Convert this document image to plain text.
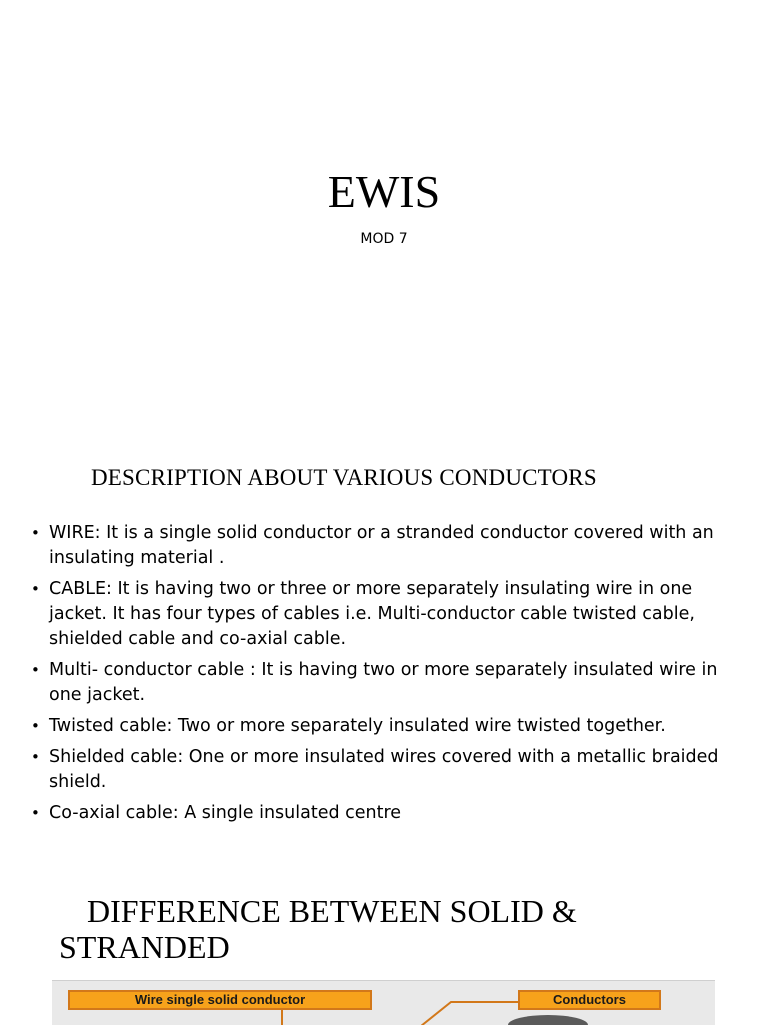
EWIS
MOD 7
DESCRIPTION ABOUT VARIOUS CONDUCTORS
• WIRE: It is a single solid conductor or a stranded conductor covered with an insulating material .
• CABLE: It is having two or three or more separately insulating wire in one jacket. It has four types of cables i.e. Multi-conductor cable twisted cable, shielded cable and co-axial cable.
• Multi- conductor cable : It is having two or more separately insulated wire in one jacket.
• Twisted cable: Two or more separately insulated wire twisted together.
• Shielded cable: One or more insulated wires covered with a metallic braided shield.
• Co-axial cable: A single insulated centre
DIFFERENCE BETWEEN SOLID &
STRANDED
Wire single solid conductor	Conductors
